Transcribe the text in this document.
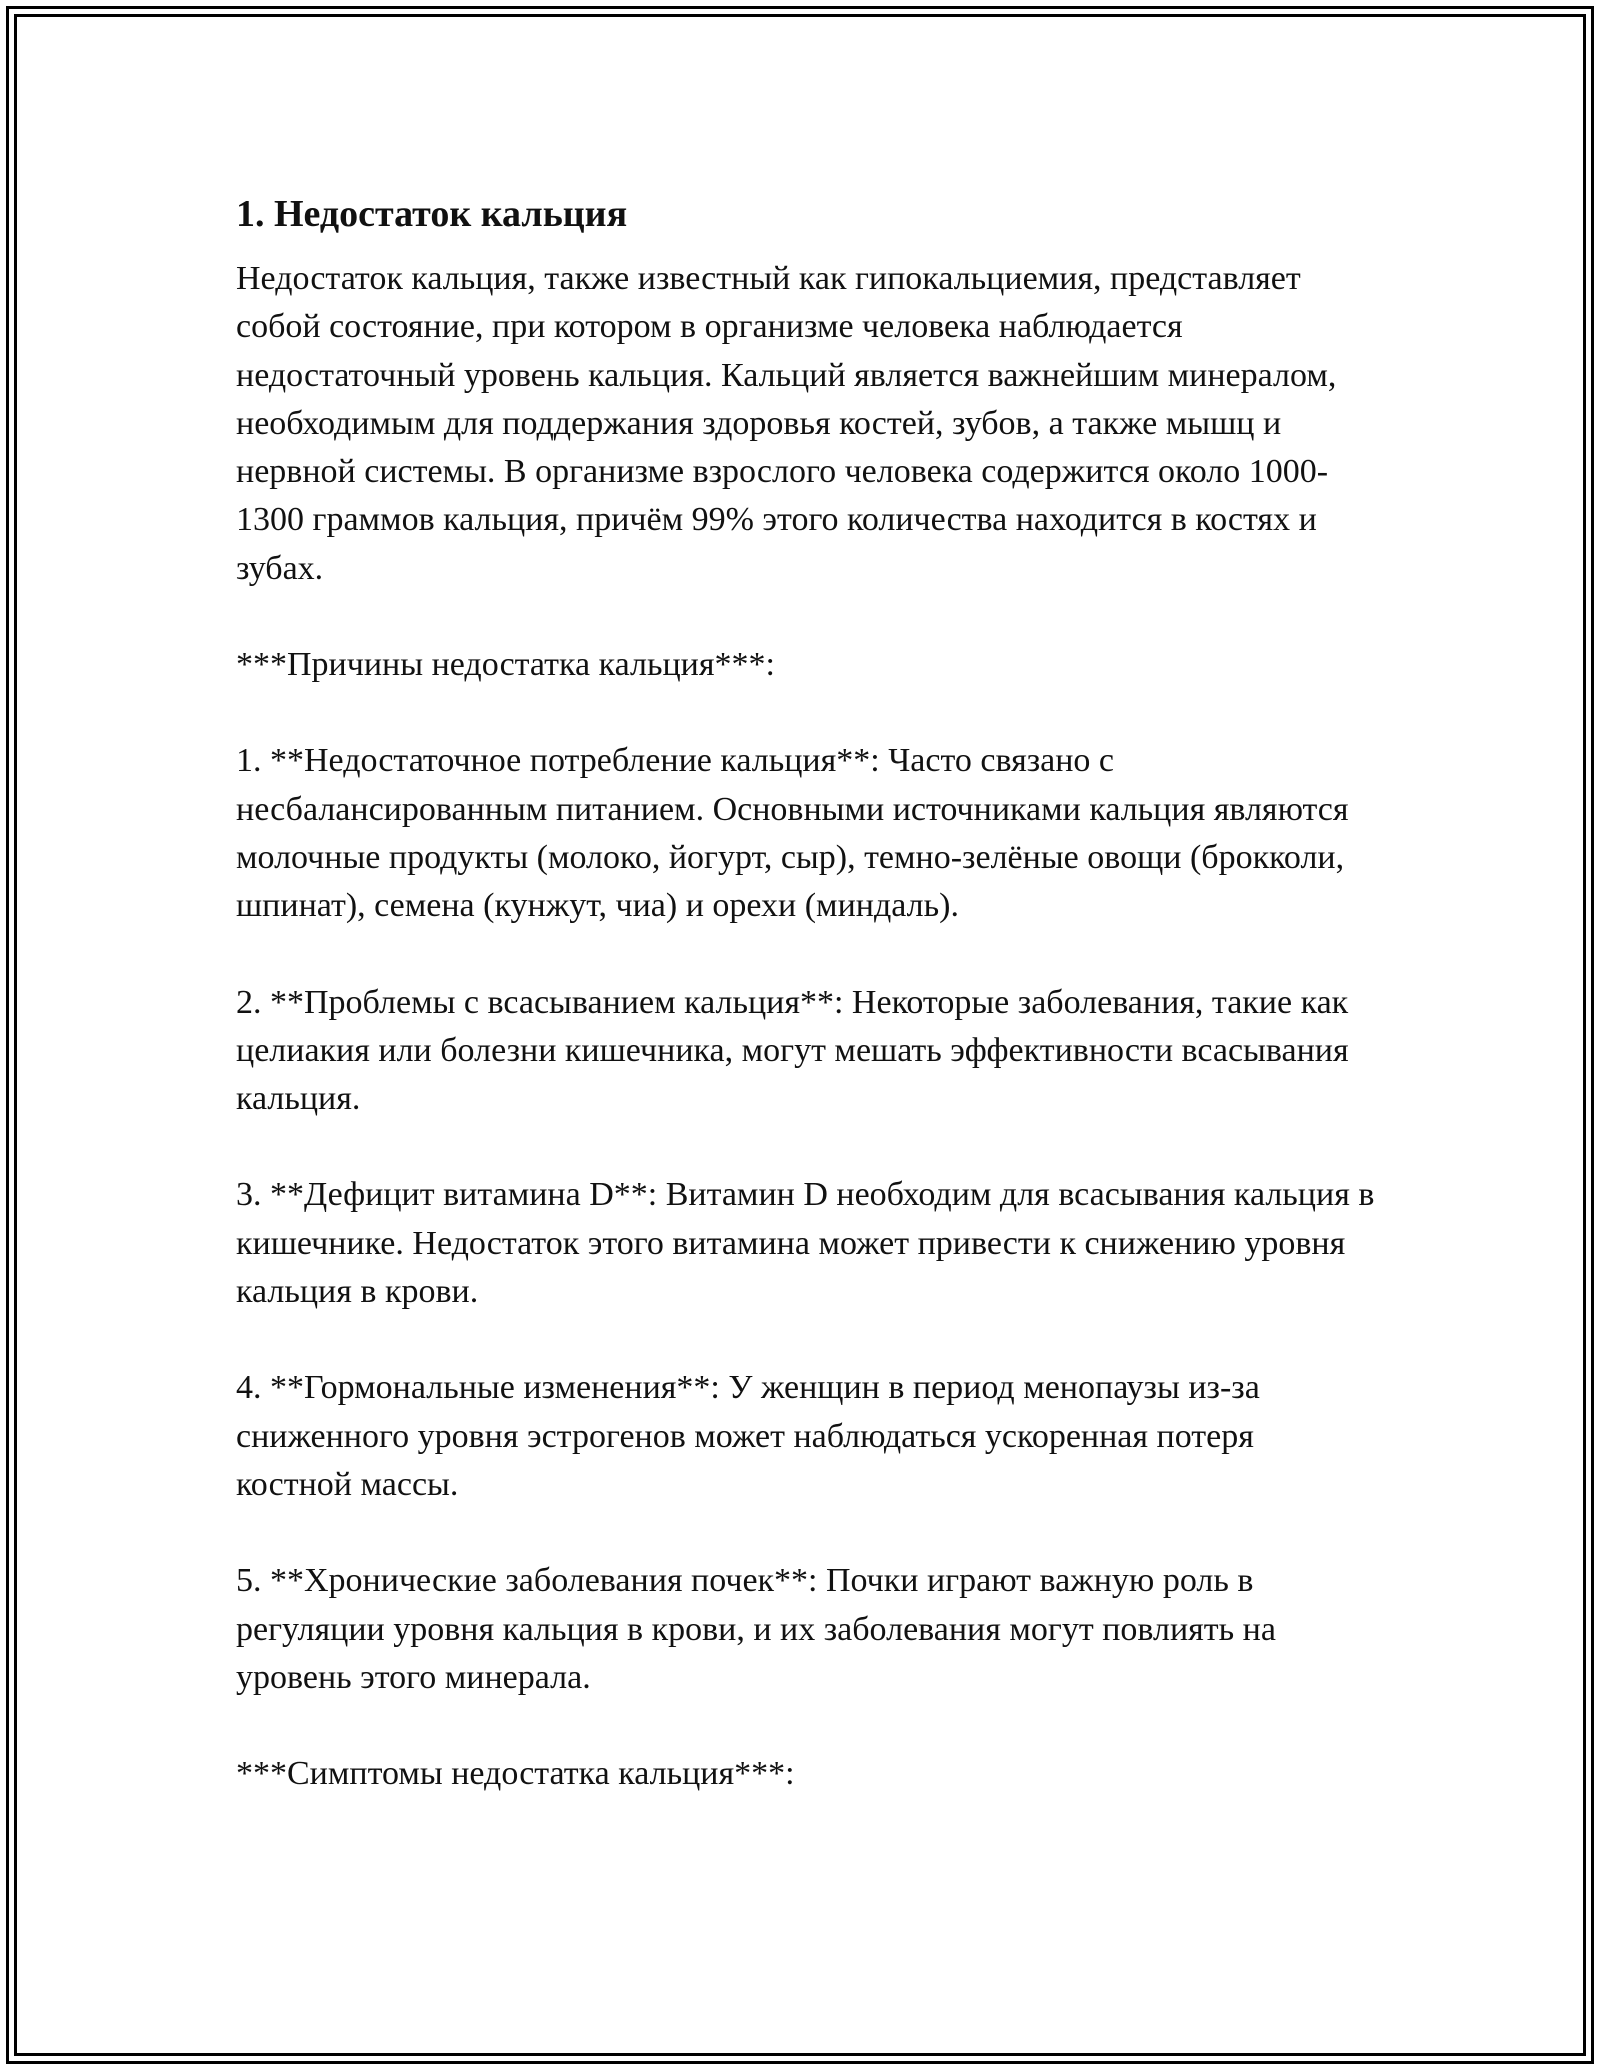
1. Недостаток кальция

Недостаток кальция, также известный как гипокальциемия, представляет собой состояние, при котором в организме человека наблюдается недостаточный уровень кальция. Кальций является важнейшим минералом, необходимым для поддержания здоровья костей, зубов, а также мышц и нервной системы. В организме взрослого человека содержится около 1000-1300 граммов кальция, причём 99% этого количества находится в костях и зубах.

***Причины недостатка кальция***:

1. **Недостаточное потребление кальция**: Часто связано с несбалансированным питанием. Основными источниками кальция являются молочные продукты (молоко, йогурт, сыр), темно-зелёные овощи (брокколи, шпинат), семена (кунжут, чиа) и орехи (миндаль).

2. **Проблемы с всасыванием кальция**: Некоторые заболевания, такие как целиакия или болезни кишечника, могут мешать эффективности всасывания кальция.

3. **Дефицит витамина D**: Витамин D необходим для всасывания кальция в кишечнике. Недостаток этого витамина может привести к снижению уровня кальция в крови.

4. **Гормональные изменения**: У женщин в период менопаузы из-за сниженного уровня эстрогенов может наблюдаться ускоренная потеря костной массы.

5. **Хронические заболевания почек**: Почки играют важную роль в регуляции уровня кальция в крови, и их заболевания могут повлиять на уровень этого минерала.

***Симптомы недостатка кальция***:
